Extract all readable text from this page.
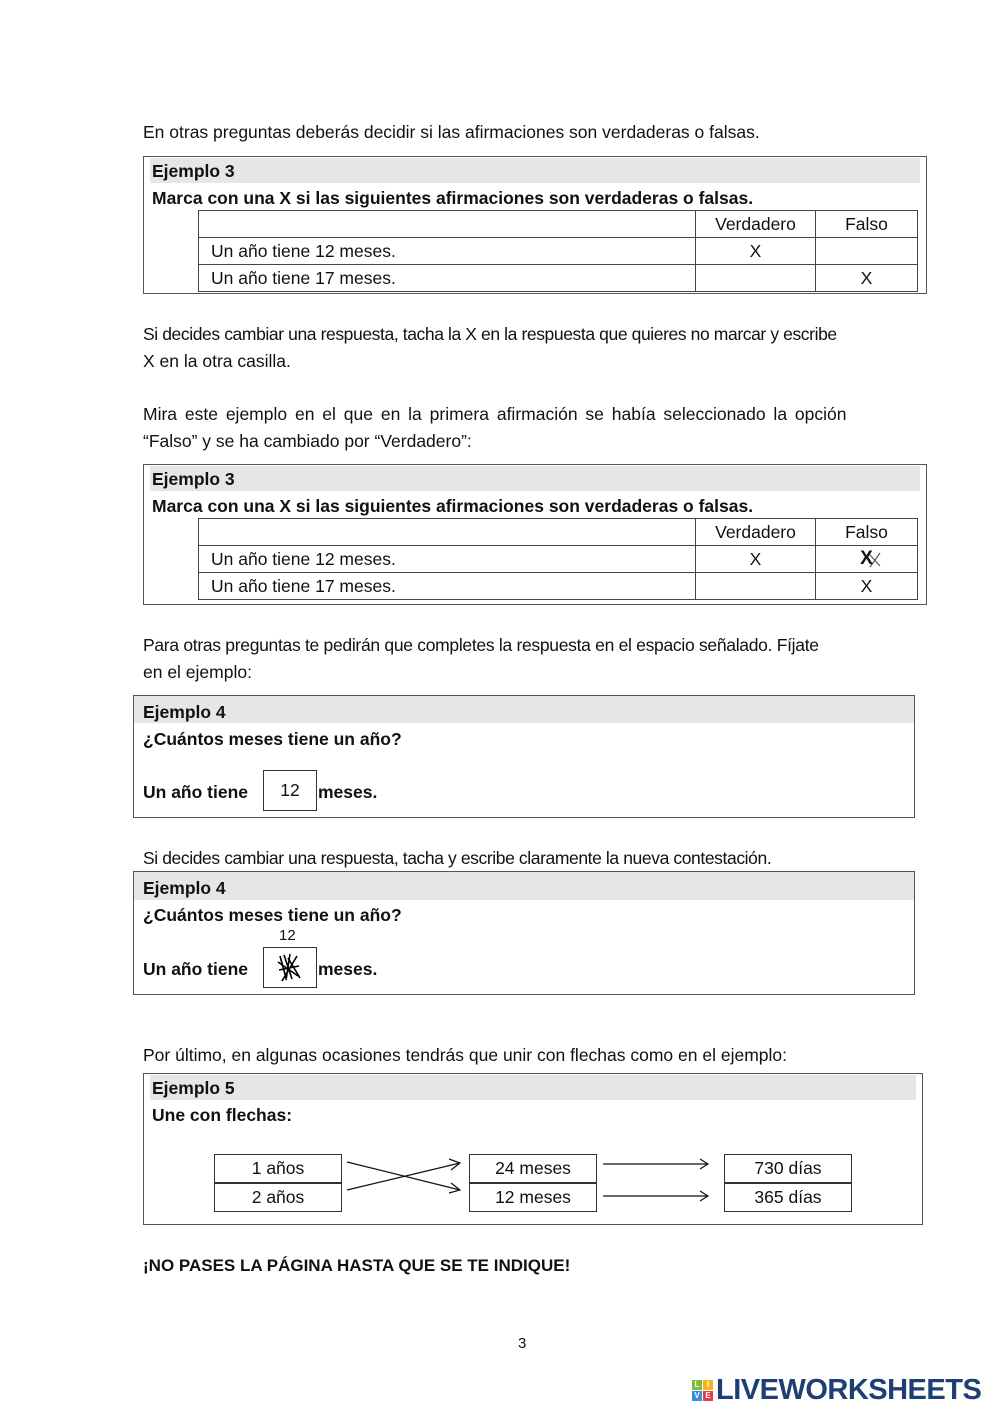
En otras preguntas deberás decidir si las afirmaciones son verdaderas o falsas.
Ejemplo 3
Marca con una X si las siguientes afirmaciones son verdaderas o falsas.
	Verdadero	Falso
Un año tiene 12 meses.	X	
Un año tiene 17 meses.		X
Si decides cambiar una respuesta, tacha la X en la respuesta que quieres no marcar y escribe
X en la otra casilla.
Mira este ejemplo en el que en la primera afirmación se había seleccionado la opción
“Falso” y se ha cambiado por “Verdadero”:
Ejemplo 3
Marca con una X si las siguientes afirmaciones son verdaderas o falsas.
	Verdadero	Falso
Un año tiene 12 meses.	X	X
Un año tiene 17 meses.		X
Para otras preguntas te pedirán que completes la respuesta en el espacio señalado. Fíjate
en el ejemplo:
Ejemplo 4
¿Cuántos meses tiene un año?
Un año tiene	12	meses.
Si decides cambiar una respuesta, tacha y escribe claramente la nueva contestación.
Ejemplo 4
¿Cuántos meses tiene un año?
12
Un año tiene	meses.
Por último, en algunas ocasiones tendrás que unir con flechas como en el ejemplo:
Ejemplo 5
Une con flechas:
1 años
2 años
24 meses
12 meses
730 días
365 días
¡NO PASES LA PÁGINA HASTA QUE SE TE INDIQUE!
3
L I
V E LIVEWORKSHEETS
